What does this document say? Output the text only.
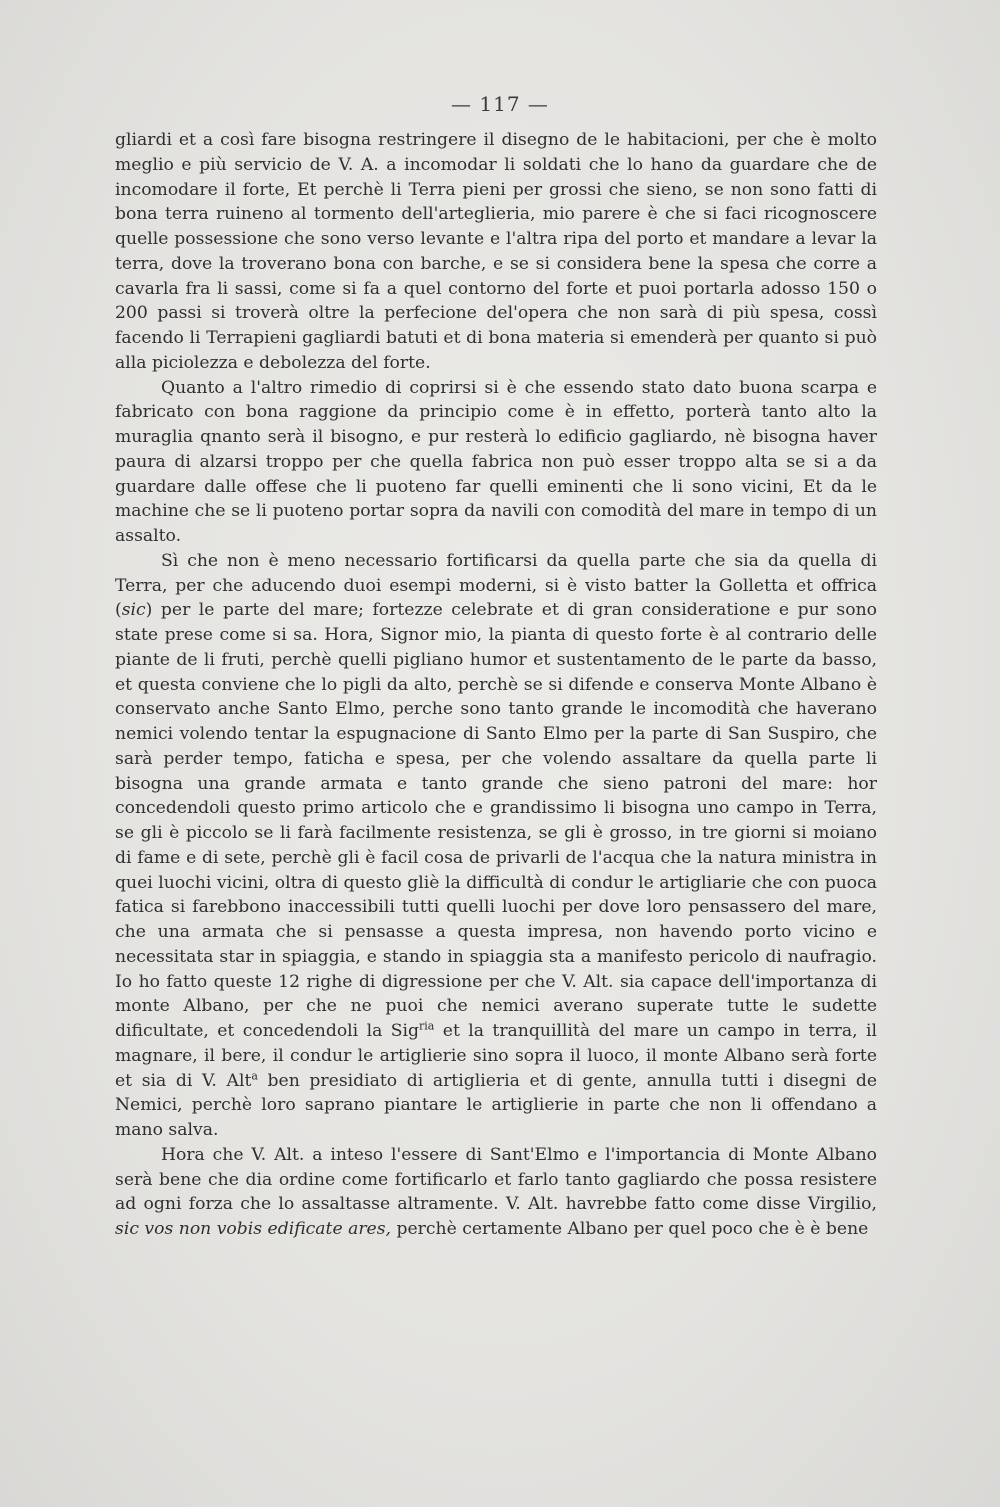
— 117 —

gliardi et a così fare bisogna restringere il disegno de le habitacioni, per che è molto meglio e più servicio de V. A. a incomodar li soldati che lo hano da guardare che de incomodare il forte, Et perchè li Terra pieni per grossi che sieno, se non sono fatti di bona terra ruineno al tormento dell'arteglieria, mio parere è che si faci ricognoscere quelle possessione che sono verso levante e l'altra ripa del porto et mandare a levar la terra, dove la troverano bona con barche, e se si considera bene la spesa che corre a cavarla fra li sassi, come si fa a quel contorno del forte et puoi portarla adosso 150 o 200 passi si troverà oltre la perfecione del'opera che non sarà di più spesa, cossì facendo li Terrapieni gagliardi batuti et di bona materia si emenderà per quanto si può alla piciolezza e debolezza del forte.

Quanto a l'altro rimedio di coprirsi si è che essendo stato dato buona scarpa e fabricato con bona raggione da principio come è in effetto, porterà tanto alto la muraglia qnanto serà il bisogno, e pur resterà lo edificio gagliardo, nè bisogna haver paura di alzarsi troppo per che quella fabrica non può esser troppo alta se si a da guardare dalle offese che li puoteno far quelli eminenti che li sono vicini, Et da le machine che se li puoteno portar sopra da navili con comodità del mare in tempo di un assalto.

Sì che non è meno necessario fortificarsi da quella parte che sia da quella di Terra, per che aducendo duoi esempi moderni, si è visto batter la Golletta et offrica (sic) per le parte del mare; fortezze celebrate et di gran consideratione e pur sono state prese come si sa. Hora, Signor mio, la pianta di questo forte è al contrario delle piante de li fruti, perchè quelli pigliano humor et sustentamento de le parte da basso, et questa conviene che lo pigli da alto, perchè se si difende e conserva Monte Albano è conservato anche Santo Elmo, perche sono tanto grande le incomodità che haverano nemici volendo tentar la espugnacione di Santo Elmo per la parte di San Suspiro, che sarà perder tempo, faticha e spesa, per che volendo assaltare da quella parte li bisogna una grande armata e tanto grande che sieno patroni del mare: hor concedendoli questo primo articolo che e grandissimo li bisogna uno campo in Terra, se gli è piccolo se li farà facilmente resistenza, se gli è grosso, in tre giorni si moiano di fame e di sete, perchè gli è facil cosa de privarli de l'acqua che la natura ministra in quei luochi vicini, oltra di questo gliè la difficultà di condur le artigliarie che con puoca fatica si farebbono inaccessibili tutti quelli luochi per dove loro pensassero del mare, che una armata che si pensasse a questa impresa, non havendo porto vicino e necessitata star in spiaggia, e stando in spiaggia sta a manifesto pericolo di naufragio. Io ho fatto queste 12 righe di digressione per che V. Alt. sia capace dell'importanza di monte Albano, per che ne puoi che nemici averano superate tutte le sudette dificultate, et concedendoli la Sig$^{ria}$ et la tranquillità del mare un campo in terra, il magnare, il bere, il condur le artiglierie sino sopra il luoco, il monte Albano serà forte et sia di V. Alt$^a$ ben presidiato di artiglieria et di gente, annulla tutti i disegni de Nemici, perchè loro saprano piantare le artiglierie in parte che non li offendano a mano salva.

Hora che V. Alt. a inteso l'essere di Sant'Elmo e l'importancia di Monte Albano serà bene che dia ordine come fortificarlo et farlo tanto gagliardo che possa resistere ad ogni forza che lo assaltasse altramente. V. Alt. havrebbe fatto come disse Virgilio, sic vos non vobis edificate ares, perchè certamente Albano per quel poco che è è bene
